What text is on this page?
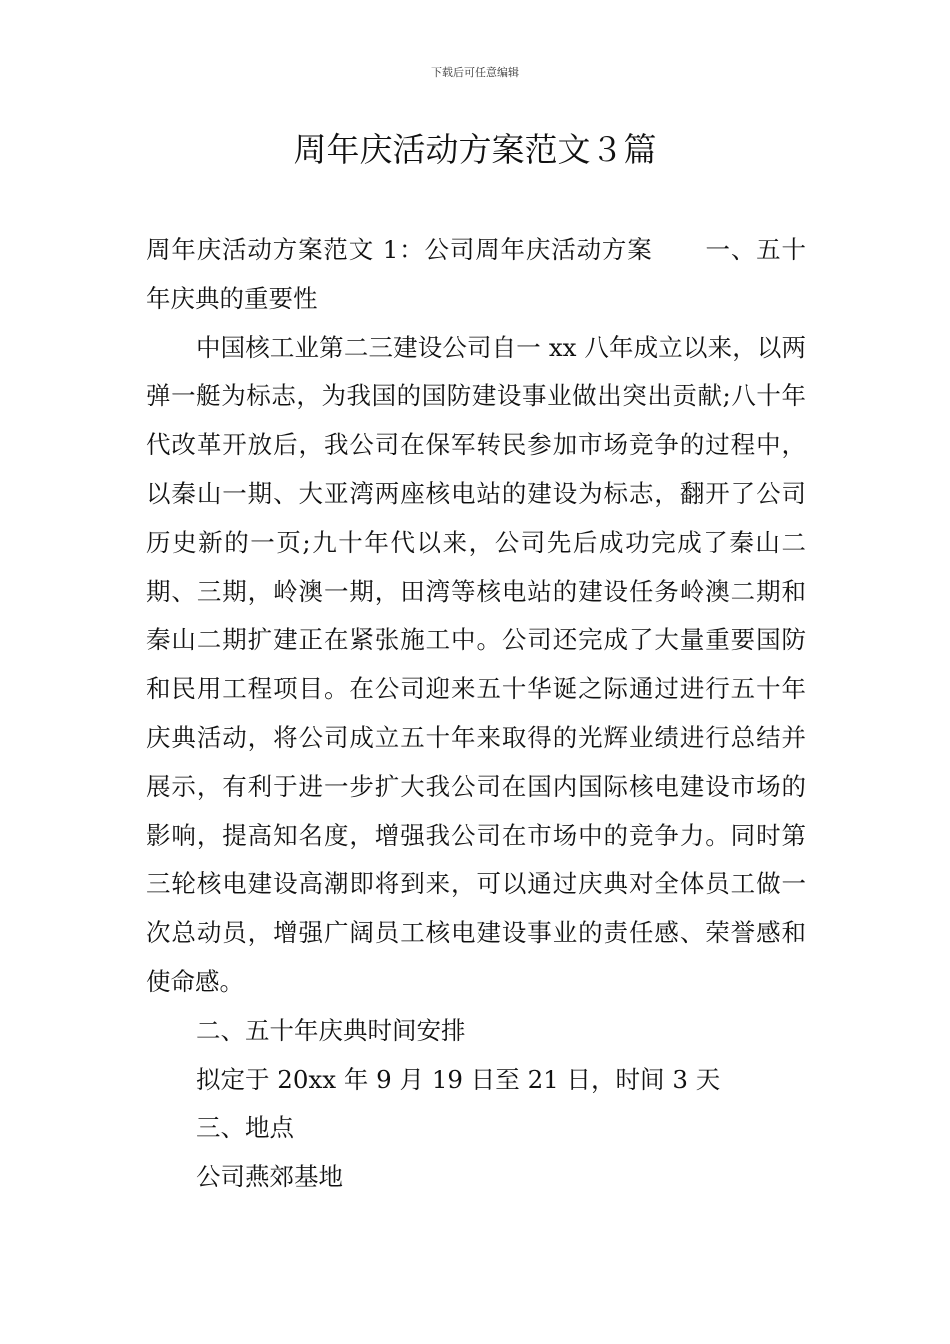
下载后可任意编辑
周年庆活动方案范文３篇

周年庆活动方案范文 1：公司周年庆活动方案 一、五十年庆典的重要性

中国核工业第二三建设公司自一 xx 八年成立以来，以两弹一艇为标志，为我国的国防建设事业做出突出贡献;八十年代改革开放后，我公司在保军转民参加市场竞争的过程中，以秦山一期、大亚湾两座核电站的建设为标志，翻开了公司历史新的一页;九十年代以来，公司先后成功完成了秦山二期、三期，岭澳一期，田湾等核电站的建设任务岭澳二期和秦山二期扩建正在紧张施工中。公司还完成了大量重要国防和民用工程项目。在公司迎来五十华诞之际通过进行五十年庆典活动，将公司成立五十年来取得的光辉业绩进行总结并展示，有利于进一步扩大我公司在国内国际核电建设市场的影响，提高知名度，增强我公司在市场中的竞争力。同时第三轮核电建设高潮即将到来，可以通过庆典对全体员工做一次总动员，增强广阔员工核电建设事业的责任感、荣誉感和使命感。

二、五十年庆典时间安排

拟定于 20xx 年 9 月 19 日至 21 日，时间 3 天

三、地点

公司燕郊基地
